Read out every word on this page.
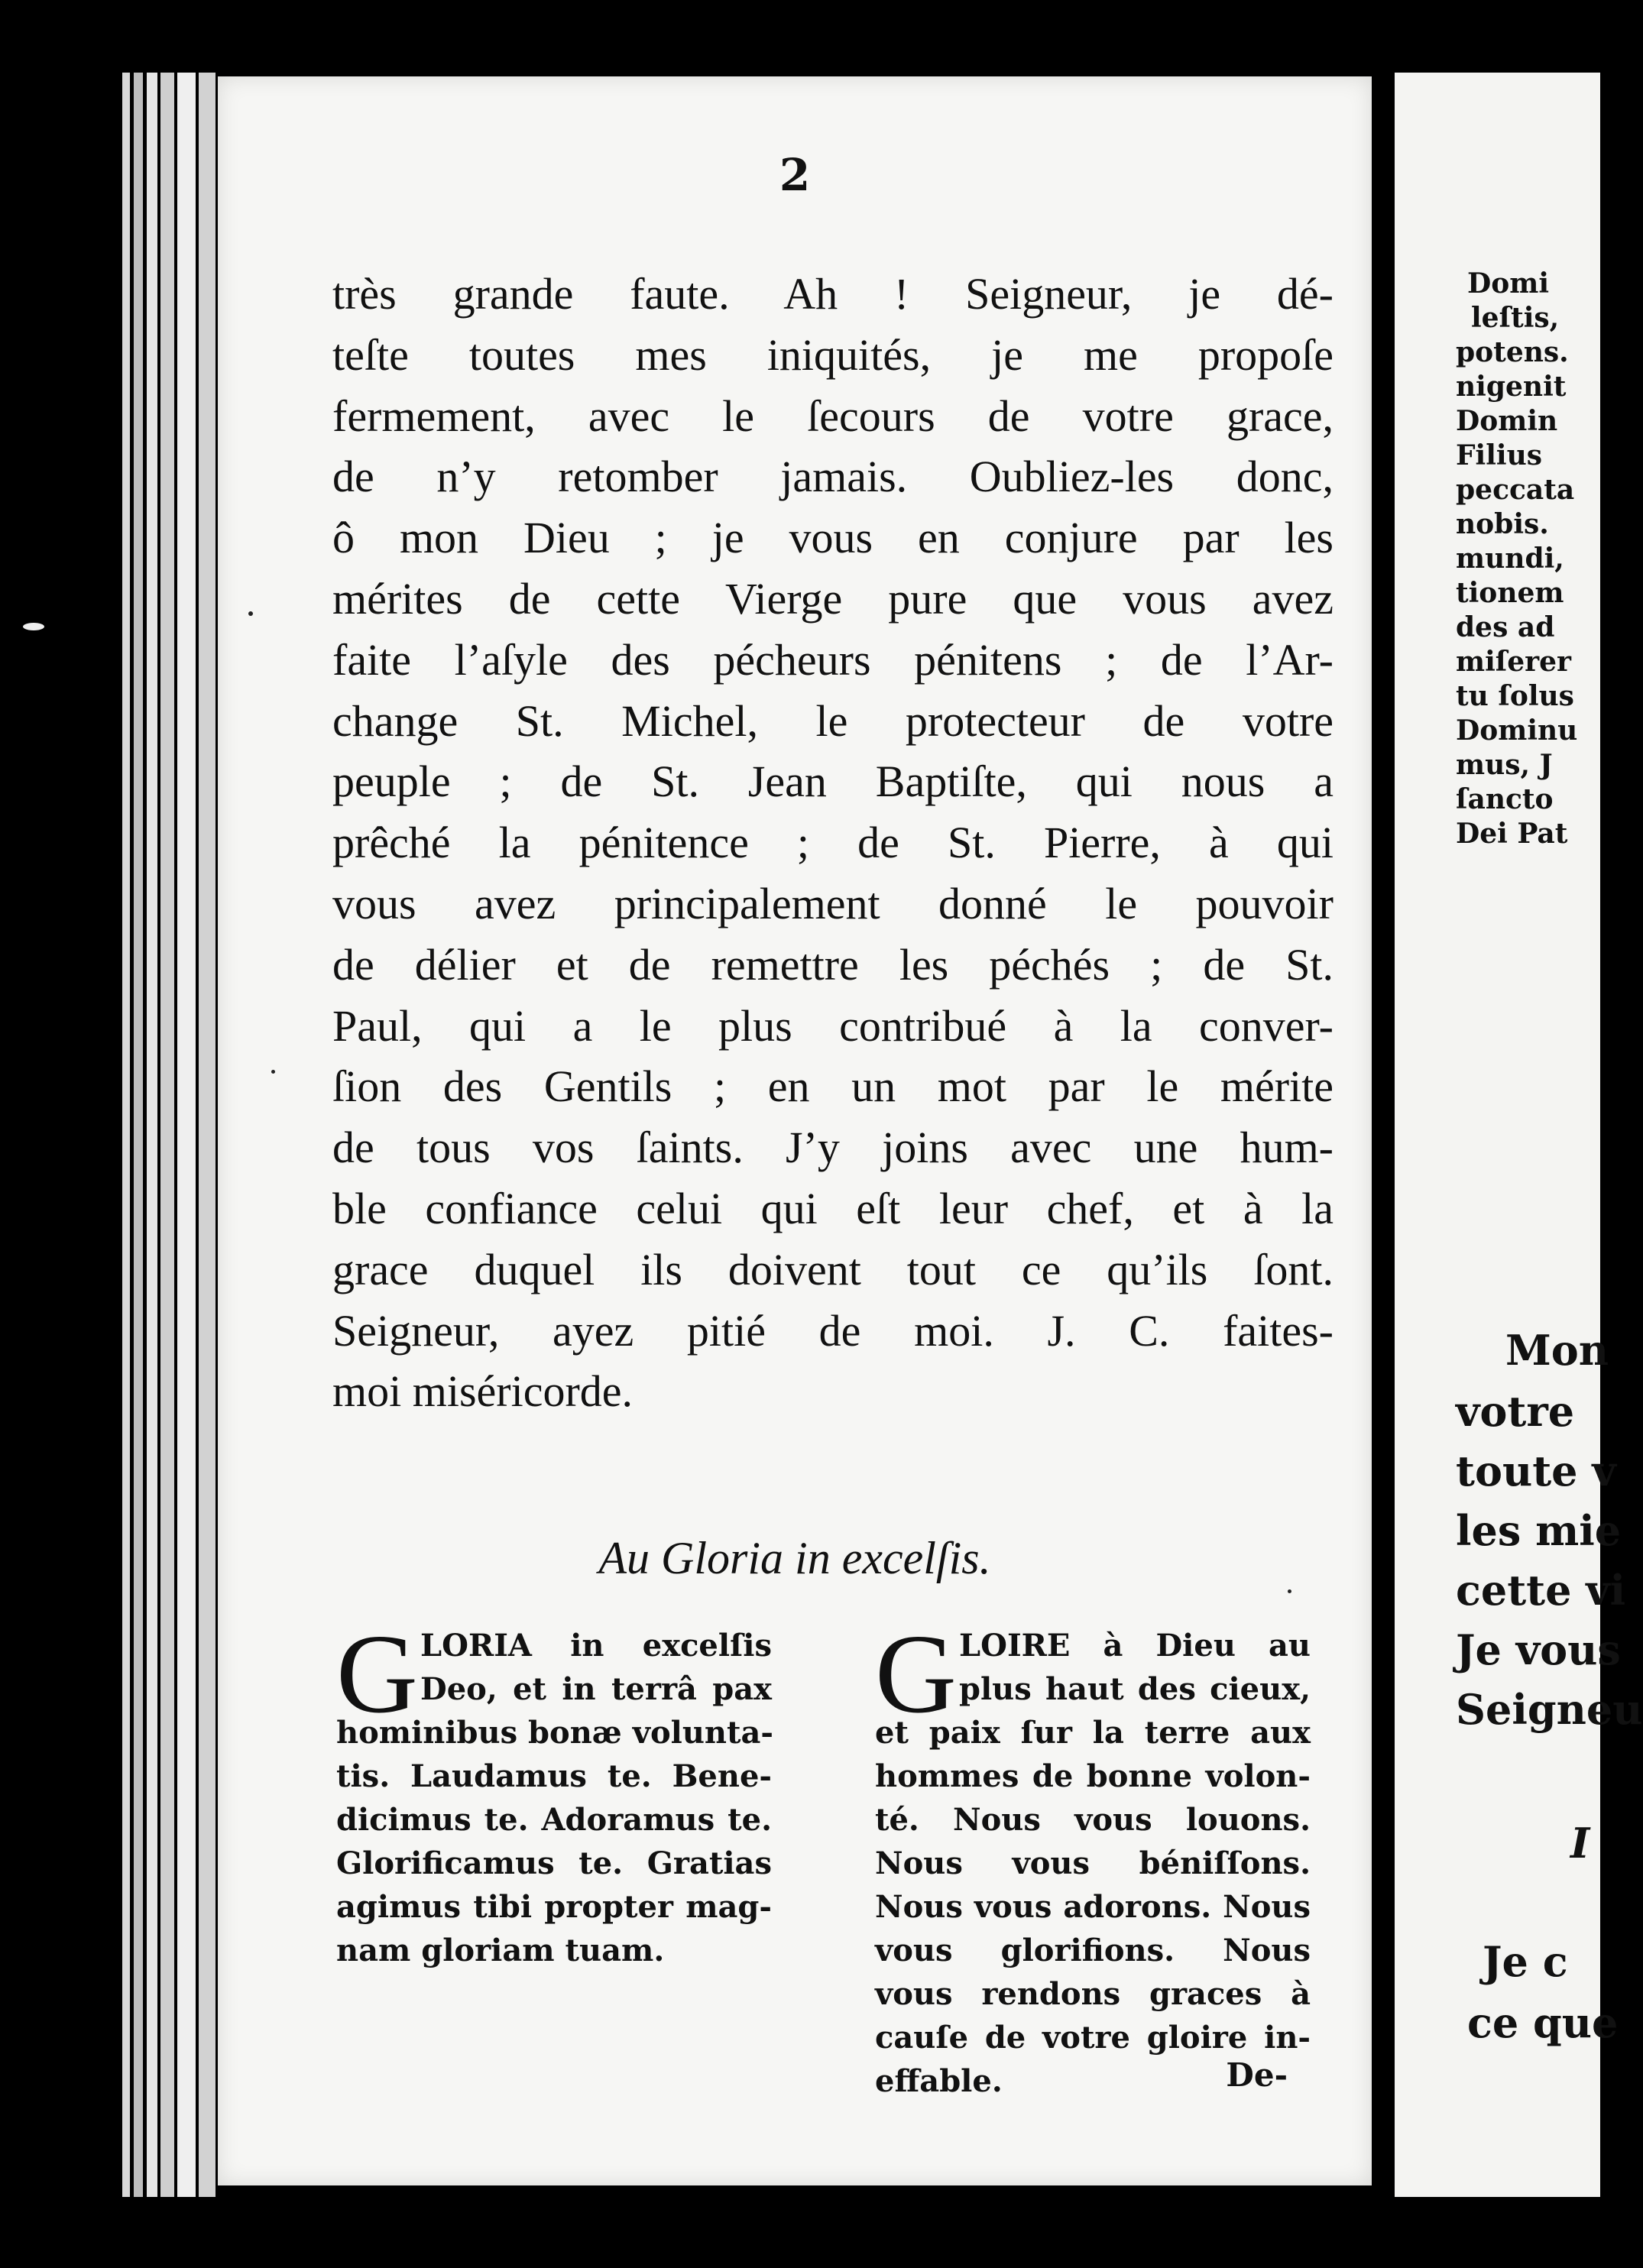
2
très grande faute. Ah ! Seigneur, je dé-
teſte toutes mes iniquités, je me propoſe
fermement, avec le ſecours de votre grace,
de n’y retomber jamais. Oubliez-les donc,
ô mon Dieu ; je vous en conjure par les
mérites de cette Vierge pure que vous avez
faite l’aſyle des pécheurs pénitens ; de l’Ar-
change St. Michel, le protecteur de votre
peuple ; de St. Jean Baptiſte, qui nous a
prêché la pénitence ; de St. Pierre, à qui
vous avez principalement donné le pouvoir
de délier et de remettre les péchés ; de St.
Paul, qui a le plus contribué à la conver-
ſion des Gentils ; en un mot par le mérite
de tous vos ſaints. J’y joins avec une hum-
ble confiance celui qui eſt leur chef, et à la
grace duquel ils doivent tout ce qu’ils ſont.
Seigneur, ayez pitié de moi. J. C. faites-
moi miséricorde.
Au Gloria in excelſis.
G LORIA in excelſis
Deo, et in terrâ pax
hominibus bonæ volunta-
tis. Laudamus te. Bene-
dicimus te. Adoramus te.
Glorificamus te. Gratias
agimus tibi propter mag-
nam gloriam tuam.
G LOIRE à Dieu au
plus haut des cieux,
et paix ſur la terre aux
hommes de bonne volon-
té. Nous vous louons.
Nous vous béniſſons.
Nous vous adorons. Nous
vous glorifions. Nous
vous rendons graces à
cauſe de votre gloire in-
effable.	De-
Domi
leſtis,
potens.
nigenit
Domin
Filius
peccata
nobis.
mundi,
tionem
des ad
miſerer
tu ſolus
Dominu
mus, J
ſancto
Dei Pat
Mon
votre
toute v
les mie
cette vi
Je vous
Seigneu
I
Je c
ce que
